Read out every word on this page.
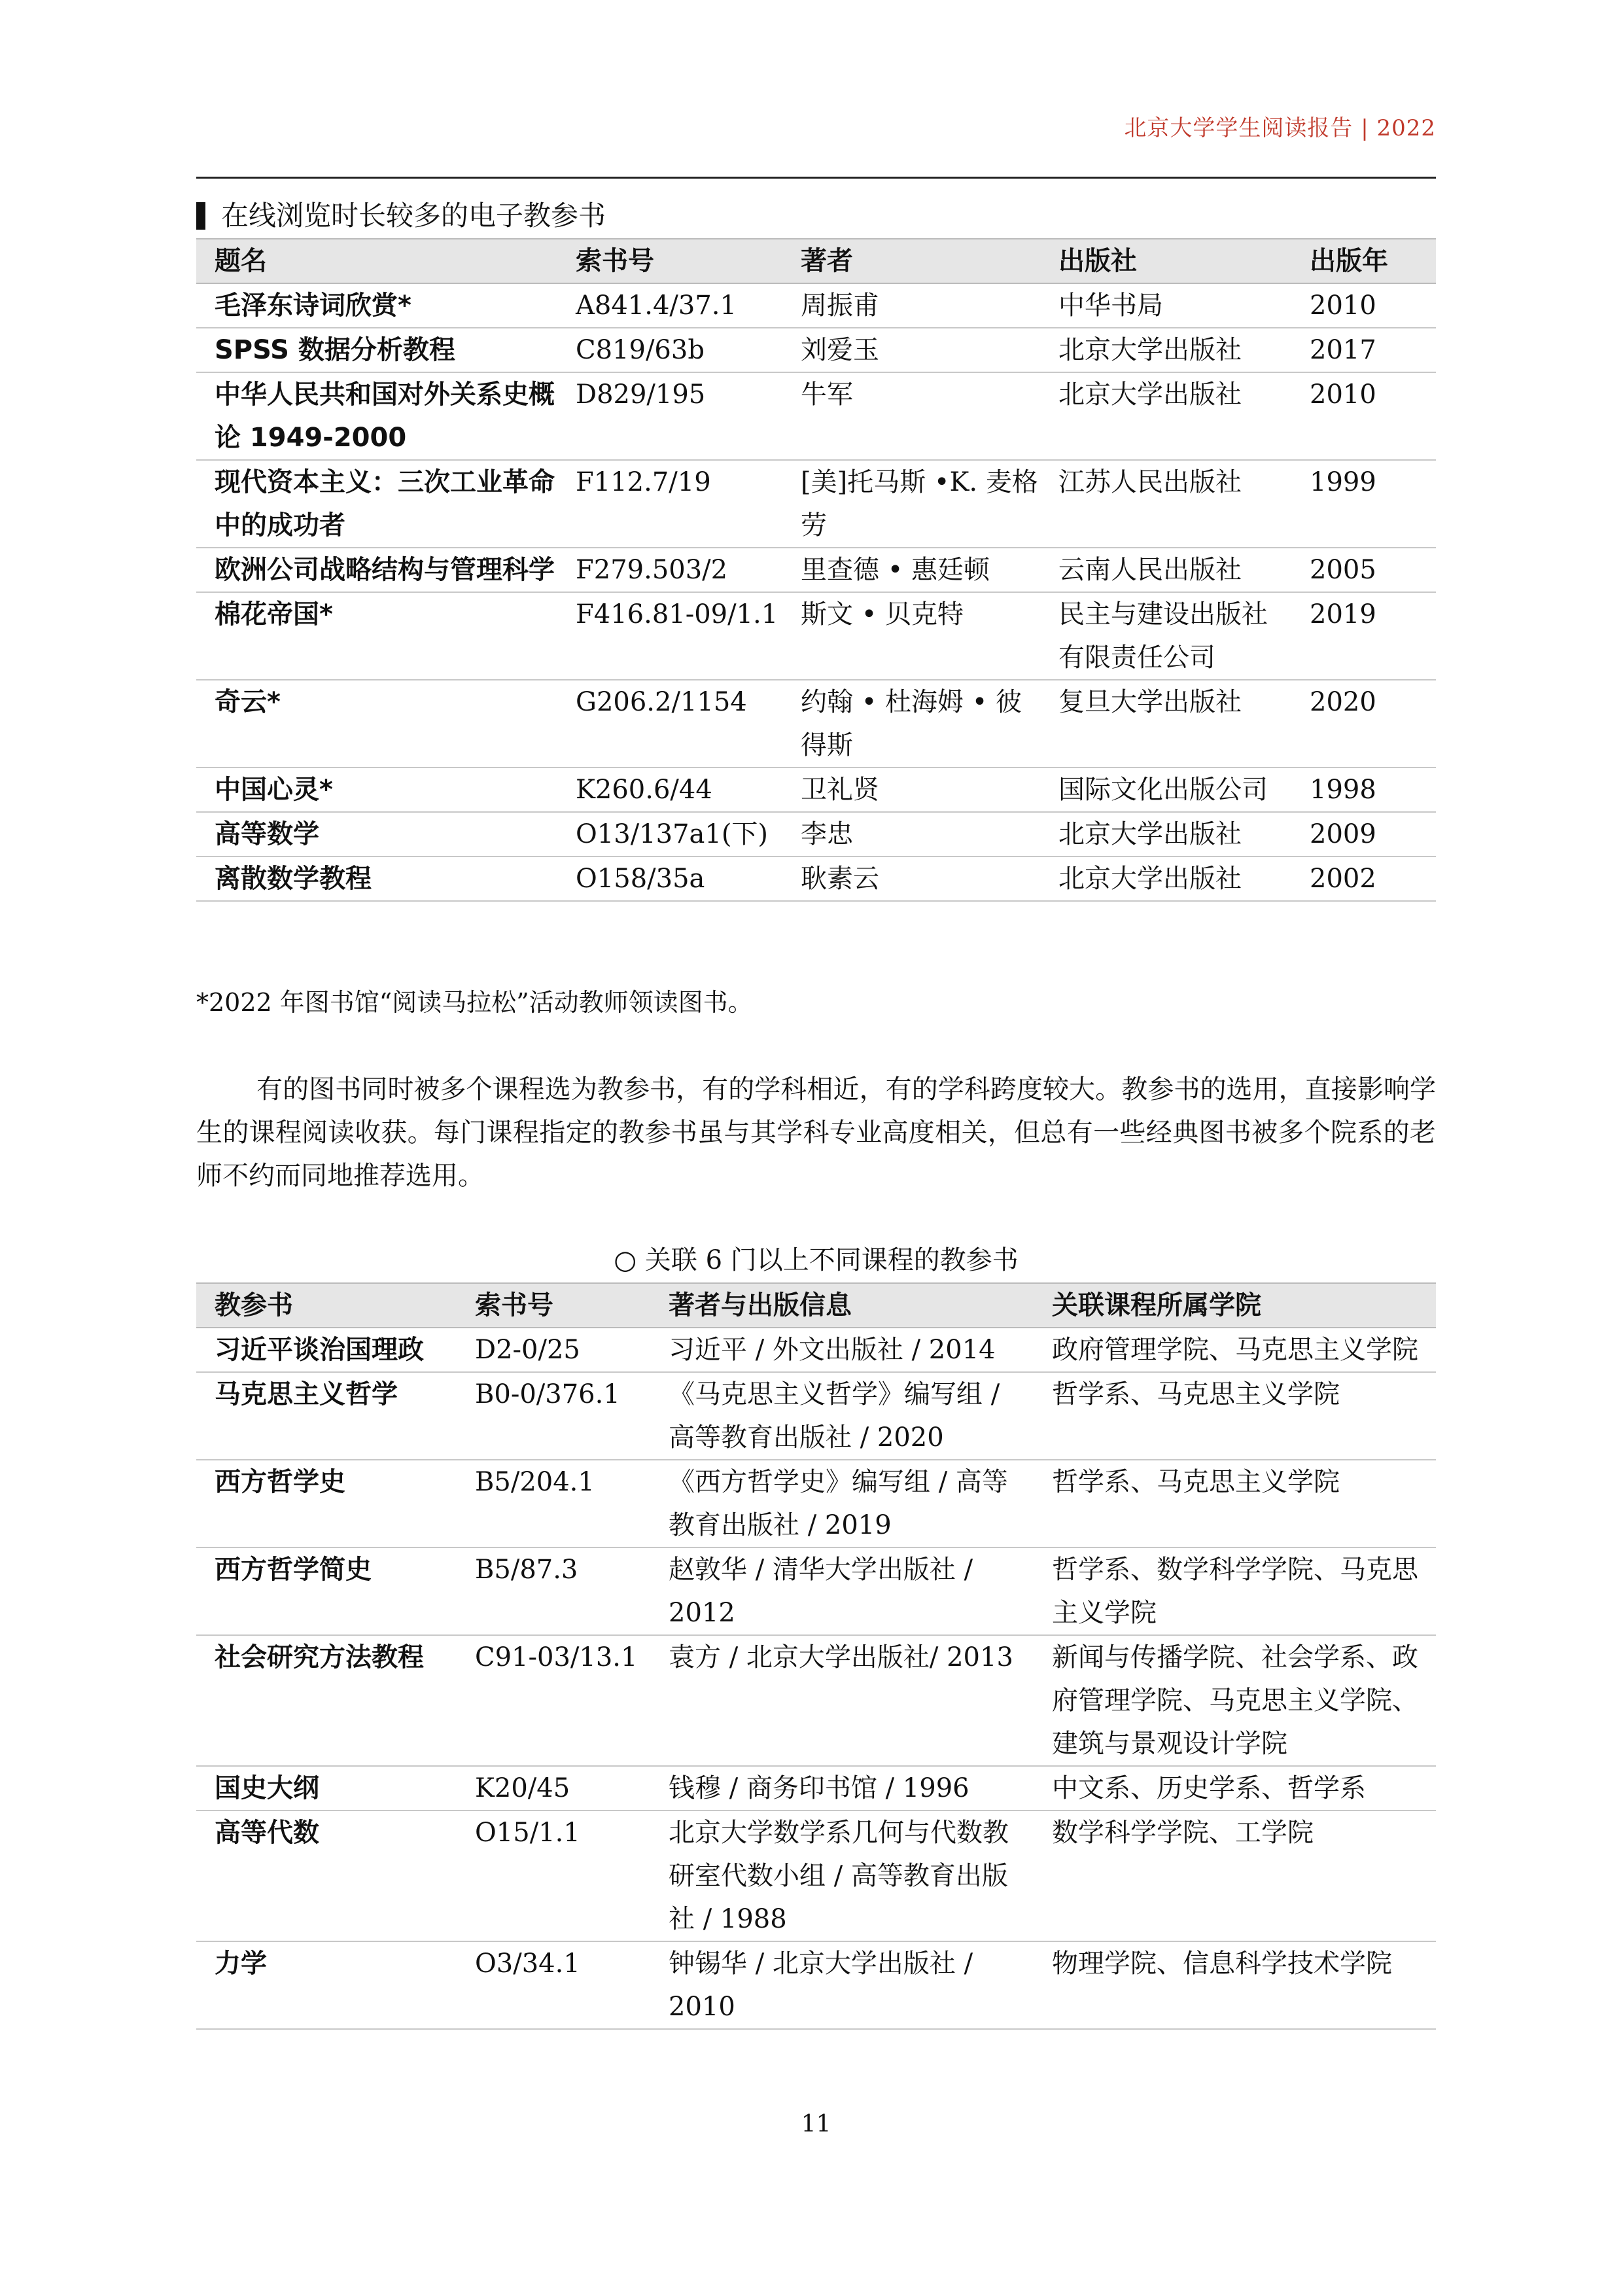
北京大学学生阅读报告 | 2022
在线浏览时长较多的电子教参书
题名	索书号	著者	出版社	出版年
毛泽东诗词欣赏*	A841.4/37.1	周振甫	中华书局	2010
SPSS 数据分析教程	C819/63b	刘爱玉	北京大学出版社	2017
中华人民共和国对外关系史概论 1949-2000	D829/195	牛军	北京大学出版社	2010
现代资本主义：三次工业革命中的成功者	F112.7/19	[美]托马斯 •K. 麦格劳	江苏人民出版社	1999
欧洲公司战略结构与管理科学	F279.503/2	里查德 • 惠廷顿	云南人民出版社	2005
棉花帝国*	F416.81-09/1.1	斯文 • 贝克特	民主与建设出版社有限责任公司	2019
奇云*	G206.2/1154	约翰 • 杜海姆 • 彼得斯	复旦大学出版社	2020
中国心灵*	K260.6/44	卫礼贤	国际文化出版公司	1998
高等数学	O13/137a1(下)	李忠	北京大学出版社	2009
离散数学教程	O158/35a	耿素云	北京大学出版社	2002
*2022 年图书馆“阅读马拉松”活动教师领读图书。
有的图书同时被多个课程选为教参书，有的学科相近，有的学科跨度较大。教参书的选用，直接影响学生的课程阅读收获。每门课程指定的教参书虽与其学科专业高度相关，但总有一些经典图书被多个院系的老师不约而同地推荐选用。
○ 关联 6 门以上不同课程的教参书
教参书	索书号	著者与出版信息	关联课程所属学院
习近平谈治国理政	D2-0/25	习近平 / 外文出版社 / 2014	政府管理学院、马克思主义学院
马克思主义哲学	B0-0/376.1	《马克思主义哲学》编写组 / 高等教育出版社 / 2020	哲学系、马克思主义学院
西方哲学史	B5/204.1	《西方哲学史》编写组 / 高等教育出版社 / 2019	哲学系、马克思主义学院
西方哲学简史	B5/87.3	赵敦华 / 清华大学出版社 / 2012	哲学系、数学科学学院、马克思主义学院
社会研究方法教程	C91-03/13.1	袁方 / 北京大学出版社/ 2013	新闻与传播学院、社会学系、政府管理学院、马克思主义学院、建筑与景观设计学院
国史大纲	K20/45	钱穆 / 商务印书馆 / 1996	中文系、历史学系、哲学系
高等代数	O15/1.1	北京大学数学系几何与代数教研室代数小组 / 高等教育出版社 / 1988	数学科学学院、工学院
力学	O3/34.1	钟锡华 / 北京大学出版社 / 2010	物理学院、信息科学技术学院
11
